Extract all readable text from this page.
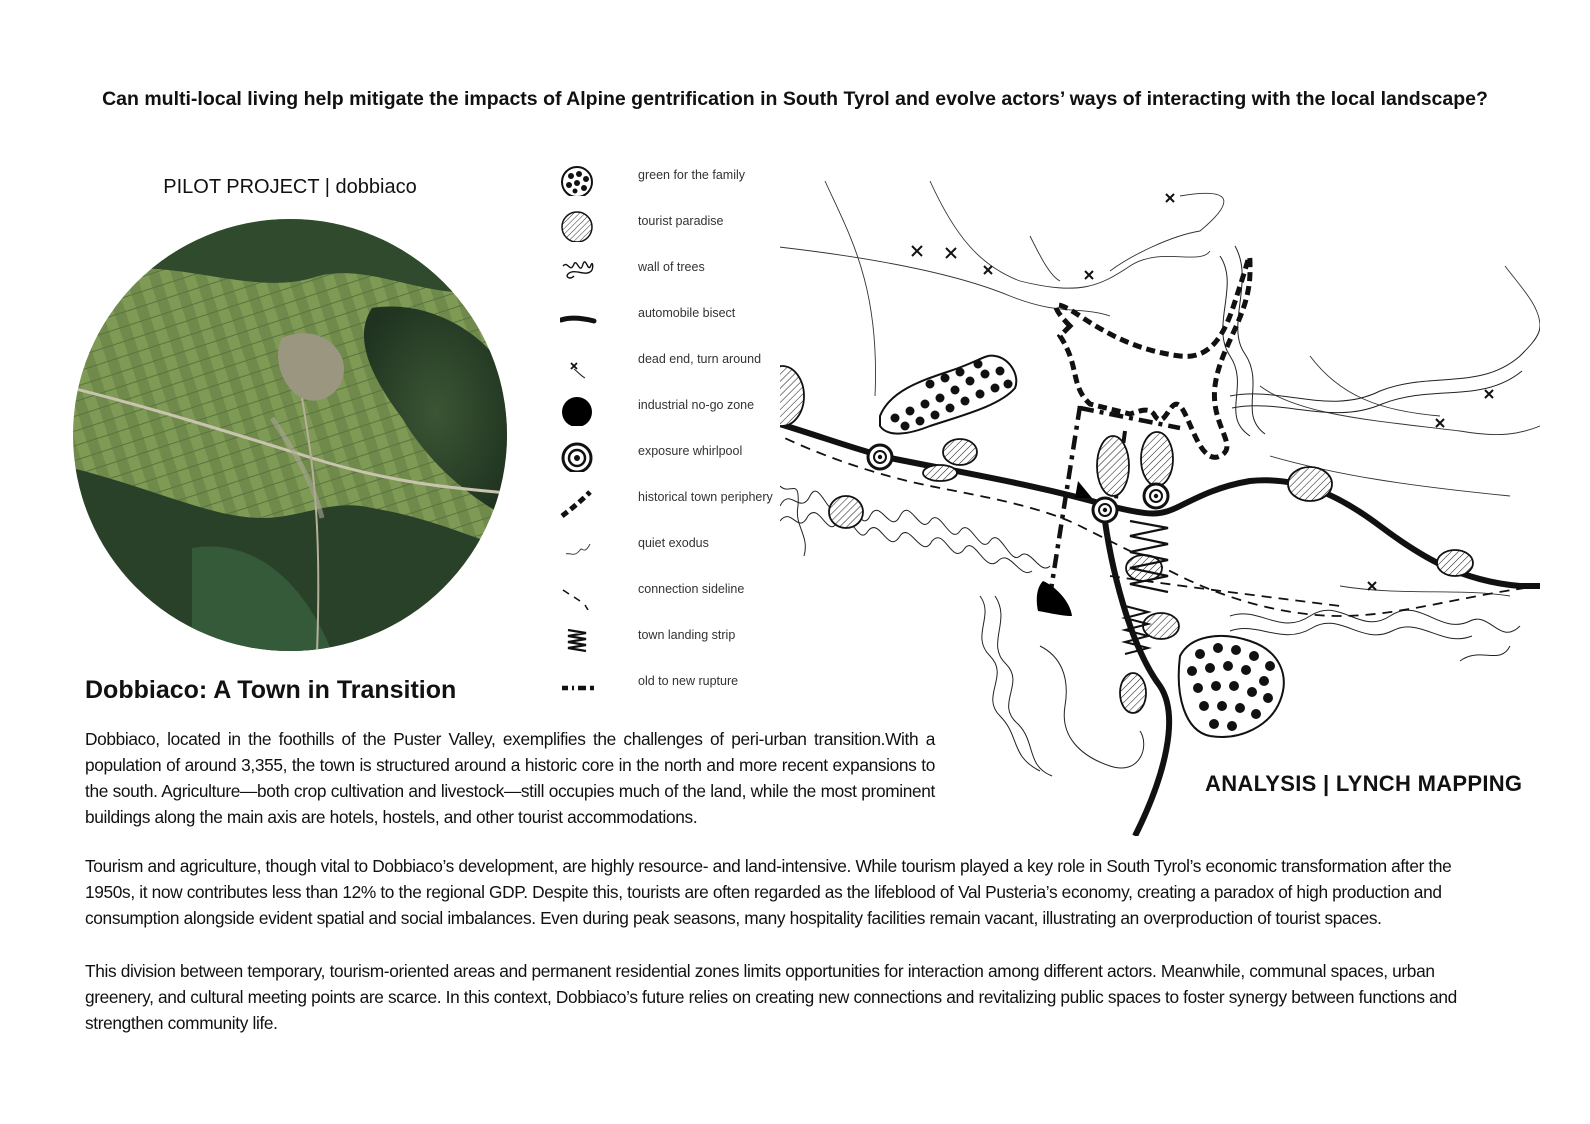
Can multi-local living help mitigate the impacts of Alpine gentrification in South Tyrol and evolve actors’ ways of interacting with the local landscape?
PILOT PROJECT | dobbiaco
green for the family
tourist paradise
wall of trees
automobile bisect
dead end, turn around
industrial no-go zone
exposure whirlpool
historical town periphery
quiet exodus
connection sideline
town landing strip
old to new rupture
ANALYSIS | LYNCH MAPPING
Dobbiaco: A Town in Transition
Dobbiaco, located in the foothills of the Puster Valley, exemplifies the challenges of peri-urban transition.With a population of around 3,355, the town is structured around a historic core in the north and more recent expansions to the south. Agriculture—both crop cultivation and livestock—still occupies much of the land, while the most prominent buildings along the main axis are hotels, hostels, and other tourist accommodations.
Tourism and agriculture, though vital to Dobbiaco’s development, are highly resource- and land-intensive. While tourism played a key role in South Tyrol’s economic transformation after the 1950s, it now contributes less than 12% to the regional GDP. Despite this, tourists are often regarded as the lifeblood of Val Pusteria’s economy, creating a paradox of high production and consumption alongside evident spatial and social imbalances. Even during peak seasons, many hospitality facilities remain vacant, illustrating an overproduction of tourist spaces.
This division between temporary, tourism-oriented areas and permanent residential zones limits opportunities for interaction among different actors. Meanwhile, communal spaces, urban greenery, and cultural meeting points are scarce. In this context, Dobbiaco’s future relies on creating new connections and revitalizing public spaces to foster synergy between functions and strengthen community life.
